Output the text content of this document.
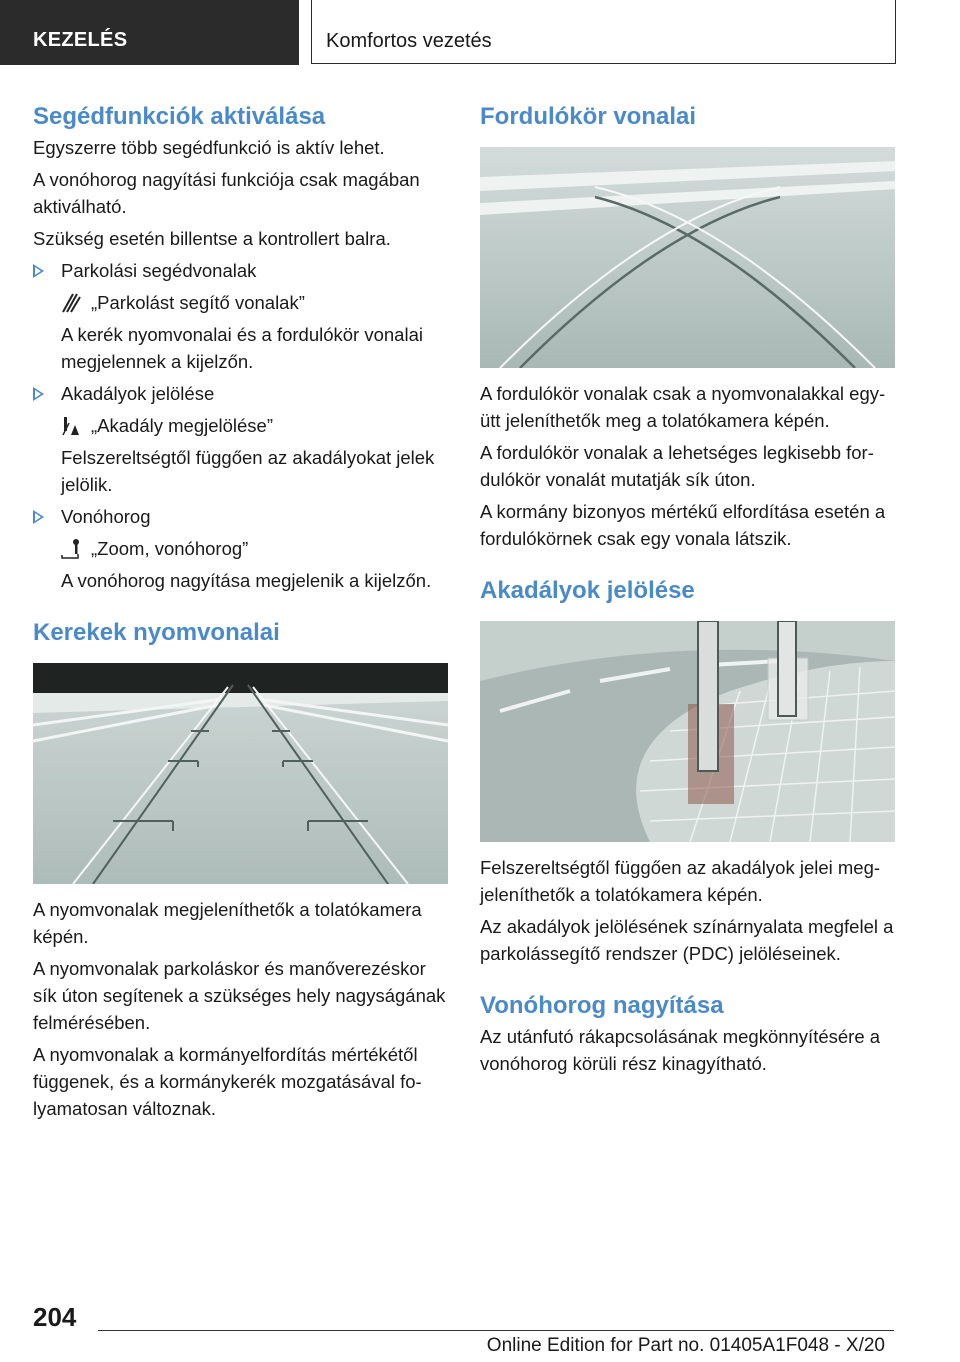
KEZELÉS	Komfortos vezetés
Segédfunkciók aktiválása

Egyszerre több segédfunkció is aktív lehet.

A vonóhorog nagyítási funkciója csak magában aktiválható.

Szükség esetén billentse a kontrollert balra.

Parkolási segédvonalak

„Parkolást segítő vonalak”

A kerék nyomvonalai és a fordulókör vonalai megjelennek a kijelzőn.

Akadályok jelölése

„Akadály megjelölése”

Felszereltségtől függően az akadályokat jelek jelölik.

Vonóhorog

„Zoom, vonóhorog”

A vonóhorog nagyítása megjelenik a kijelzőn.

Kerekek nyomvonalai

A nyomvonalak megjeleníthetők a tolatókamera képén.

A nyomvonalak parkoláskor és manőverezéskor sík úton segítenek a szükséges hely nagyságának felmérésében.

A nyomvonalak a kormányelfordítás mértékétől függenek, és a kormánykerék mozgatásával folyamatosan változnak.

Fordulókör vonalai

A fordulókör vonalak csak a nyomvonalakkal együtt jeleníthetők meg a tolatókamera képén.

A fordulókör vonalak a lehetséges legkisebb fordulókör vonalát mutatják sík úton.

A kormány bizonyos mértékű elfordítása esetén a fordulókörnek csak egy vonala látszik.

Akadályok jelölése

Felszereltségtől függően az akadályok jelei megjeleníthetők a tolatókamera képén.

Az akadályok jelölésének színárnyalata megfelel a parkolássegítő rendszer (PDC) jelöléseinek.

Vonóhorog nagyítása

Az utánfutó rákapcsolásának megkönnyítésére a vonóhorog körüli rész kinagyítható.

204
Online Edition for Part no. 01405A1F048 - X/20
